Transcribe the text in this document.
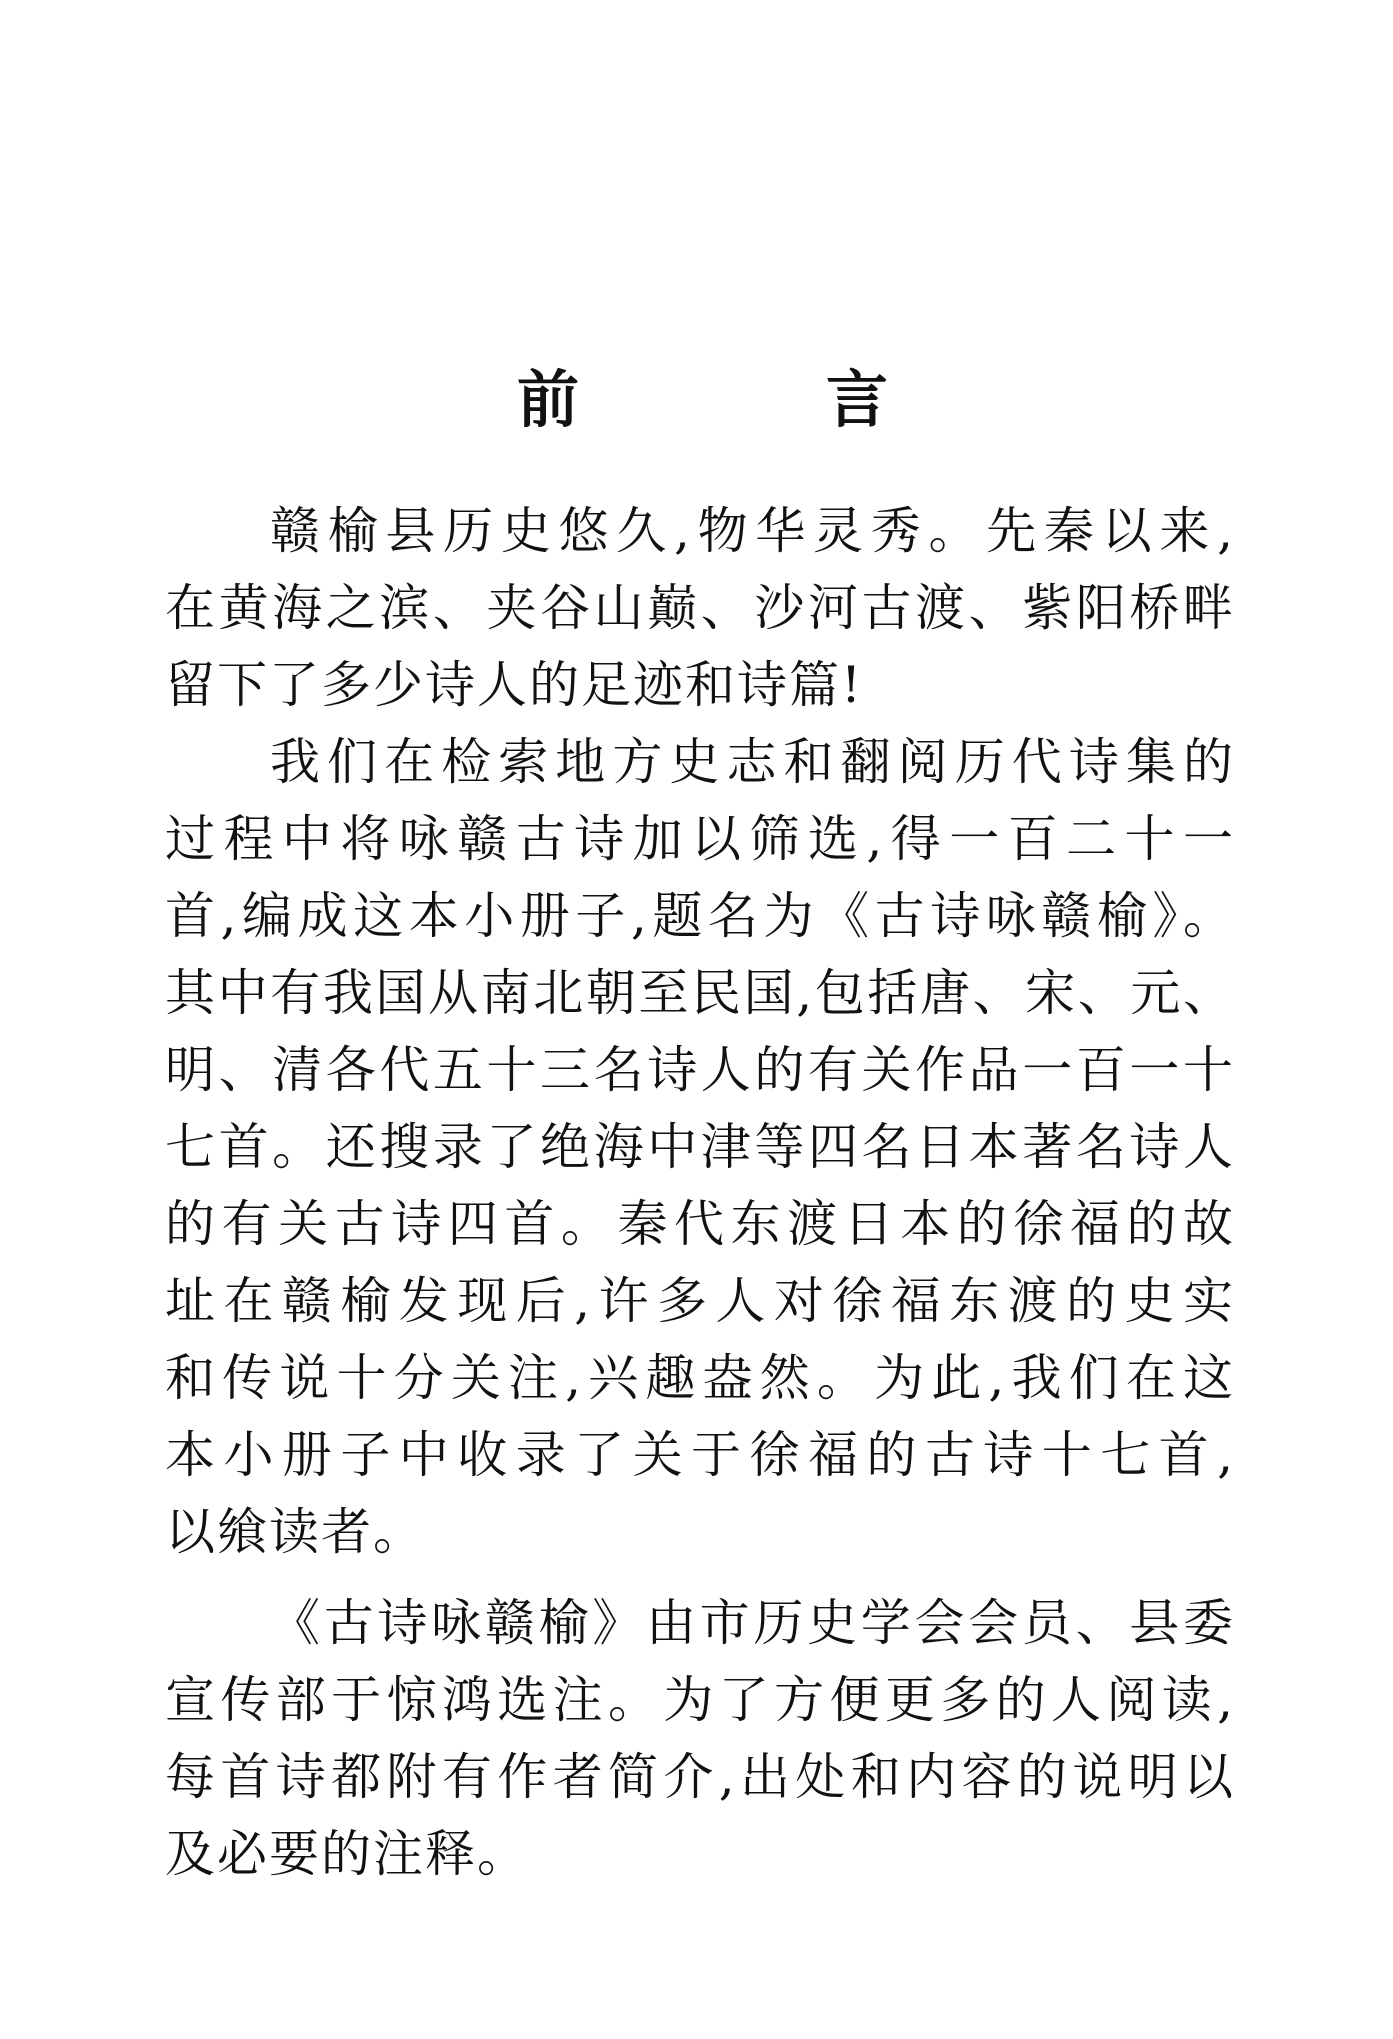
前	言
赣榆县历史悠久,物华灵秀。先秦以来,
在黄海之滨、夹谷山巅、沙河古渡、紫阳桥畔
留下了多少诗人的足迹和诗篇!
我们在检索地方史志和翻阅历代诗集的
过程中将咏赣古诗加以筛选,得一百二十一
首,编成这本小册子,题名为《古诗咏赣榆》。
其中有我国从南北朝至民国,包括唐、宋、元、
明、清各代五十三名诗人的有关作品一百一十
七首。还搜录了绝海中津等四名日本著名诗人
的有关古诗四首。秦代东渡日本的徐福的故
址在赣榆发现后,许多人对徐福东渡的史实
和传说十分关注,兴趣盎然。为此,我们在这
本小册子中收录了关于徐福的古诗十七首,
以飨读者。
《古诗咏赣榆》由市历史学会会员、县委
宣传部于惊鸿选注。为了方便更多的人阅读,
每首诗都附有作者简介,出处和内容的说明以
及必要的注释。
